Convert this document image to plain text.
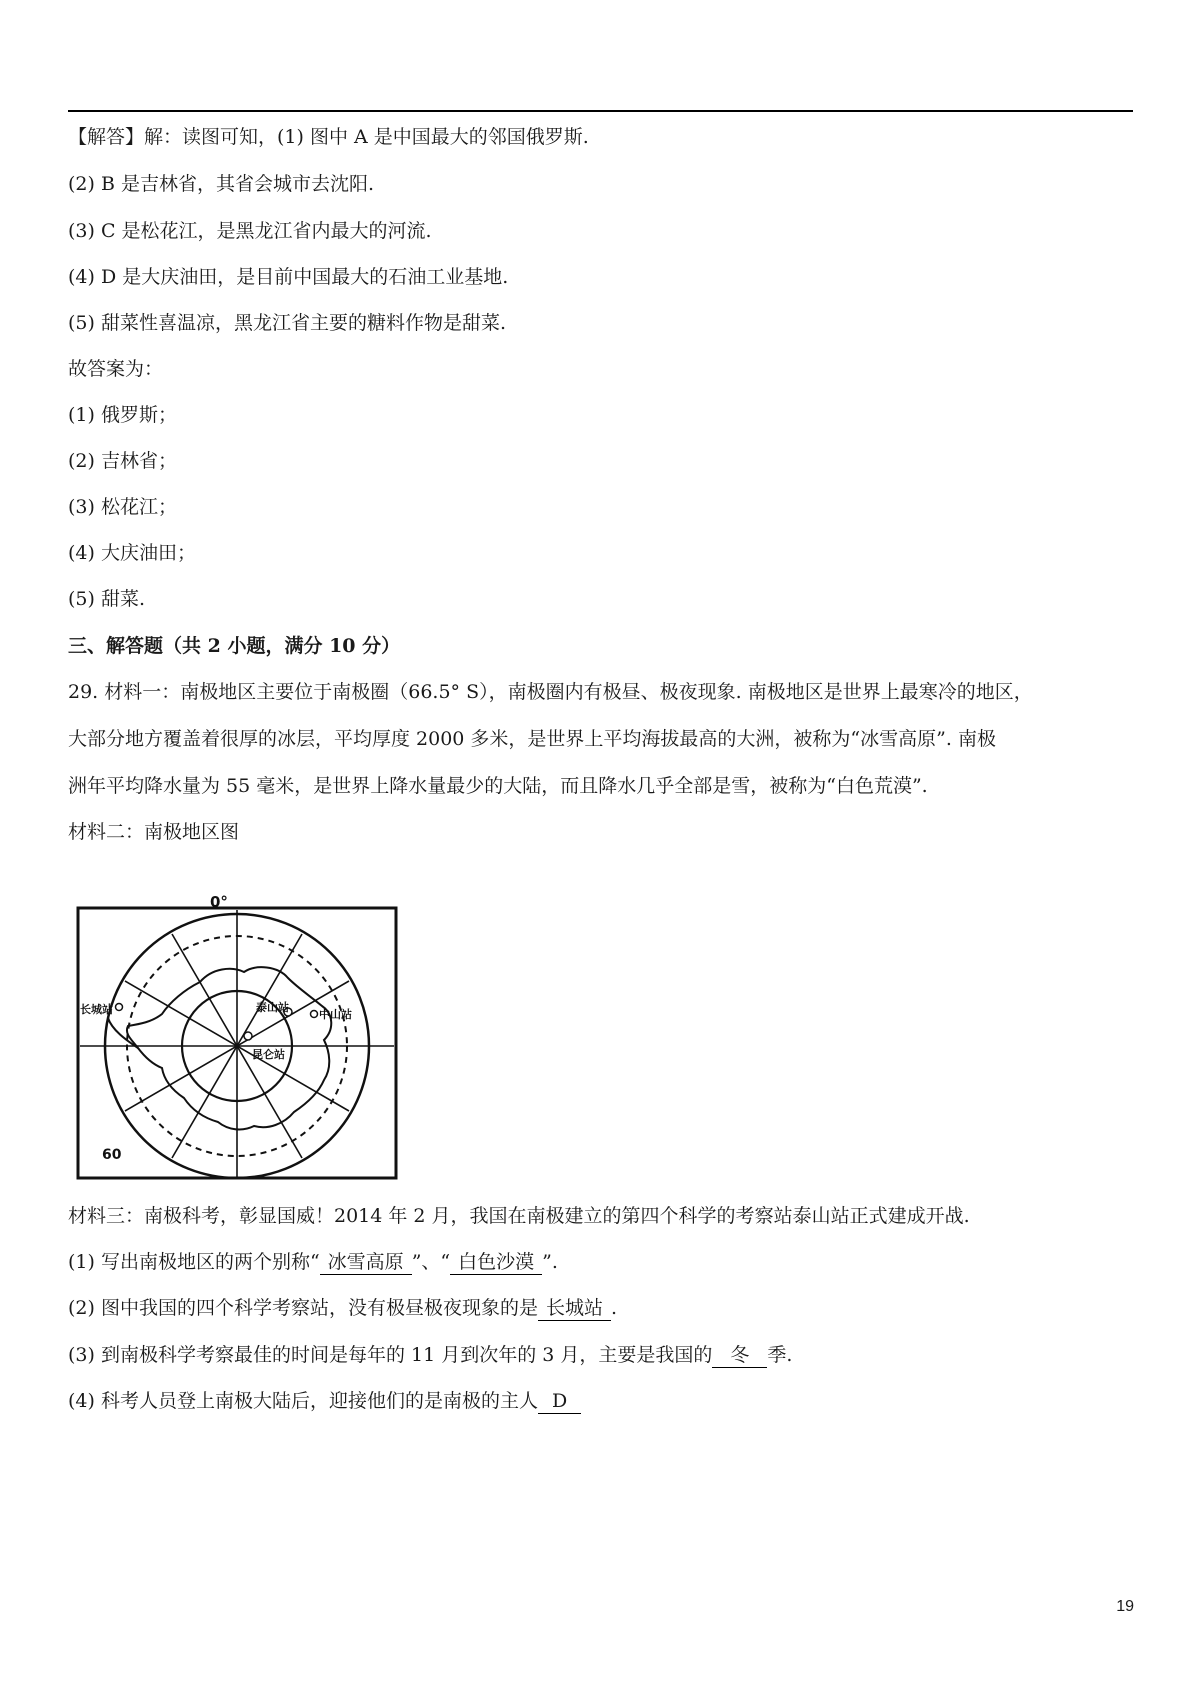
【解答】解：读图可知，(1) 图中 A 是中国最大的邻国俄罗斯.
(2) B 是吉林省，其省会城市去沈阳.
(3) C 是松花江，是黑龙江省内最大的河流.
(4) D 是大庆油田，是目前中国最大的石油工业基地.
(5) 甜菜性喜温凉，黑龙江省主要的糖料作物是甜菜.
故答案为：
(1) 俄罗斯；
(2) 吉林省；
(3) 松花江；
(4) 大庆油田；
(5) 甜菜.
三、解答题（共 2 小题，满分 10 分）
29. 材料一：南极地区主要位于南极圈（66.5° S），南极圈内有极昼、极夜现象. 南极地区是世界上最寒冷的地区，
大部分地方覆盖着很厚的冰层，平均厚度 2000 多米，是世界上平均海拔最高的大洲，被称为“冰雪高原”. 南极
洲年平均降水量为 55 毫米，是世界上降水量最少的大陆，而且降水几乎全部是雪，被称为“白色荒漠”.
材料二：南极地区图
0°
60
长城站	泰山站
中山站
昆仑站
材料三：南极科考，彰显国威！2014 年 2 月，我国在南极建立的第四个科学的考察站泰山站正式建成开战.
(1) 写出南极地区的两个别称“ 冰雪高原 ”、“ 白色沙漠 ”.
(2) 图中我国的四个科学考察站，没有极昼极夜现象的是 长城站 .
(3) 到南极科学考察最佳的时间是每年的 11 月到次年的 3 月，主要是我国的 冬 季.
(4) 科考人员登上南极大陆后，迎接他们的是南极的主人 D
19
